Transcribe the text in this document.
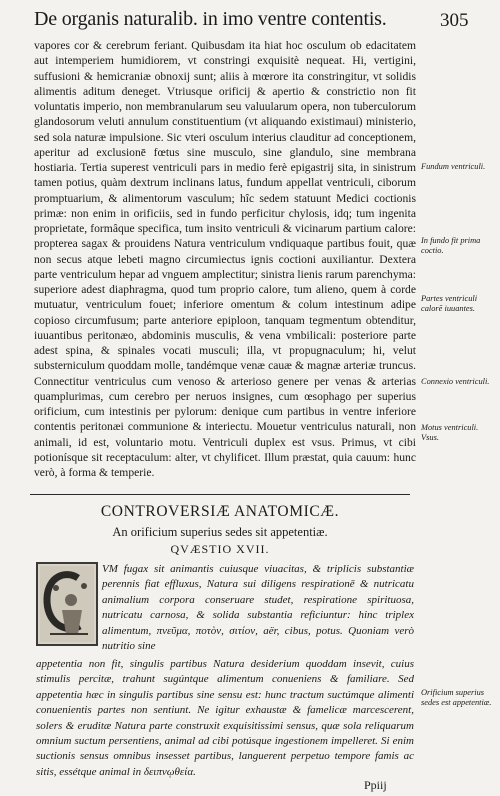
De organis naturalib. in imo ventre contentis.	305

vapores cor & cerebrum feriant. Quibusdam ita hiat hoc osculum ob edacitatem aut intemperiem humidiorem, vt constringi exquisitè nequeat. Hi, vertigini, suffusioni & hemicraniæ obnoxij sunt; aliis à mœrore ita constringitur, vt solidis alimentis aditum deneget. Vtriusque orificij & apertio & constrictio non fit voluntatis imperio, non membranularum seu valuularum opera, non tuberculorum glandosorum veluti annulum constituentium (vt aliquando existimaui) ministerio, sed sola naturæ impulsione. Sic vteri osculum interius clauditur ad conceptionem, aperitur ad exclusionē fœtus sine musculo, sine glandulo, sine membrana hostiaria. Tertia superest ventriculi pars in medio ferè epigastrij sita, in sinistrum tamen potius, quàm dextrum inclinans latus, fundum appellat ventriculi, ciborum promptuarium, & alimentorum vasculum; hîc sedem statuunt Medici coctionis primæ: non enim in orificiis, sed in fundo perficitur chylosis, idq; tum ingenita proprietate, formâque specifica, tum insito ventriculi & vicinarum partium calore: propterea sagax & prouidens Natura ventriculum vndiquaque partibus fouit, quæ non secus atque lebeti magno circumiectus ignis coctioni auxiliantur. Dextera parte ventriculum hepar ad vnguem amplectitur; sinistra lienis rarum parenchyma: superiore adest diaphragma, quod tum proprio calore, tum alieno, quem à corde mutuatur, ventriculum fouet; inferiore omentum & colum intestinum adipe copioso circumfusum; parte anteriore epiploon, tanquam tegmentum obtenditur, iuuantibus peritonæo, abdominis musculis, & vena vmbilicali: posteriore parte adest spina, & spinales vocati musculi; illa, vt propugnaculum; hi, velut substerniculum quoddam molle, tandémque venæ cauæ & magnæ arteriæ truncus. Connectitur ventriculus cum venoso & arterioso genere per venas & arterias quamplurimas, cum cerebro per neruos insignes, cum œsophago per superius orificium, cum intestinis per pylorum: denique cum partibus in ventre inferiore contentis peritonæi communione & interiectu. Mouetur ventriculus naturali, non animali, id est, voluntario motu. Ventriculi duplex est vsus. Primus, vt cibi potionísque sit receptaculum: alter, vt chylificet. Illum præstat, quia cauum: hunc verò, à forma & temperie.

Fundum ventriculi.
In fundo fit prima coctio.
Partes ventriculi calorē iuuantes.
Connexio ventriculi.
Motus ventriculi. Vsus.
Orificium superius sedes est appetentiæ.
CONTROVERSIÆ ANATOMICÆ.
An orificium superius sedes sit appetentiæ.
QVÆSTIO XVII.

VM fugax sit animantis cuiusque viuacitas, & triplicis substantiæ perennis fiat effluxus, Natura sui diligens respirationē & nutricatu animalium corpora conseruare studet, respiratione spirituosa, nutricatu carnosa, & solida substantia reficiuntur: hinc triplex alimentum, πνεῦμα, ποτὸν, σιτίον, aër, cibus, potus. Quoniam verò nutritio sine

appetentia non fit, singulis partibus Natura desiderium quoddam insevit, cuius stimulis percitæ, trahunt sugúntque alimentum conueniens & familiare. Sed appetentia hæc in singulis partibus sine sensu est: hunc tractum suctúmque alimenti conuenientis partes non sentiunt. Ne igitur exhaustæ & famelicæ marcescerent, solers & eruditæ Natura parte construxit exquisitissimi sensus, quæ sola reliquarum omnium suctum persentiens, animal ad cibi potúsque ingestionem impelleret. Si enim suctionis sensus omnibus insesset partibus, languerent perpetuo tempore famis ac sitis, essétque animal in δειπνῳθεία.

Ppiij
